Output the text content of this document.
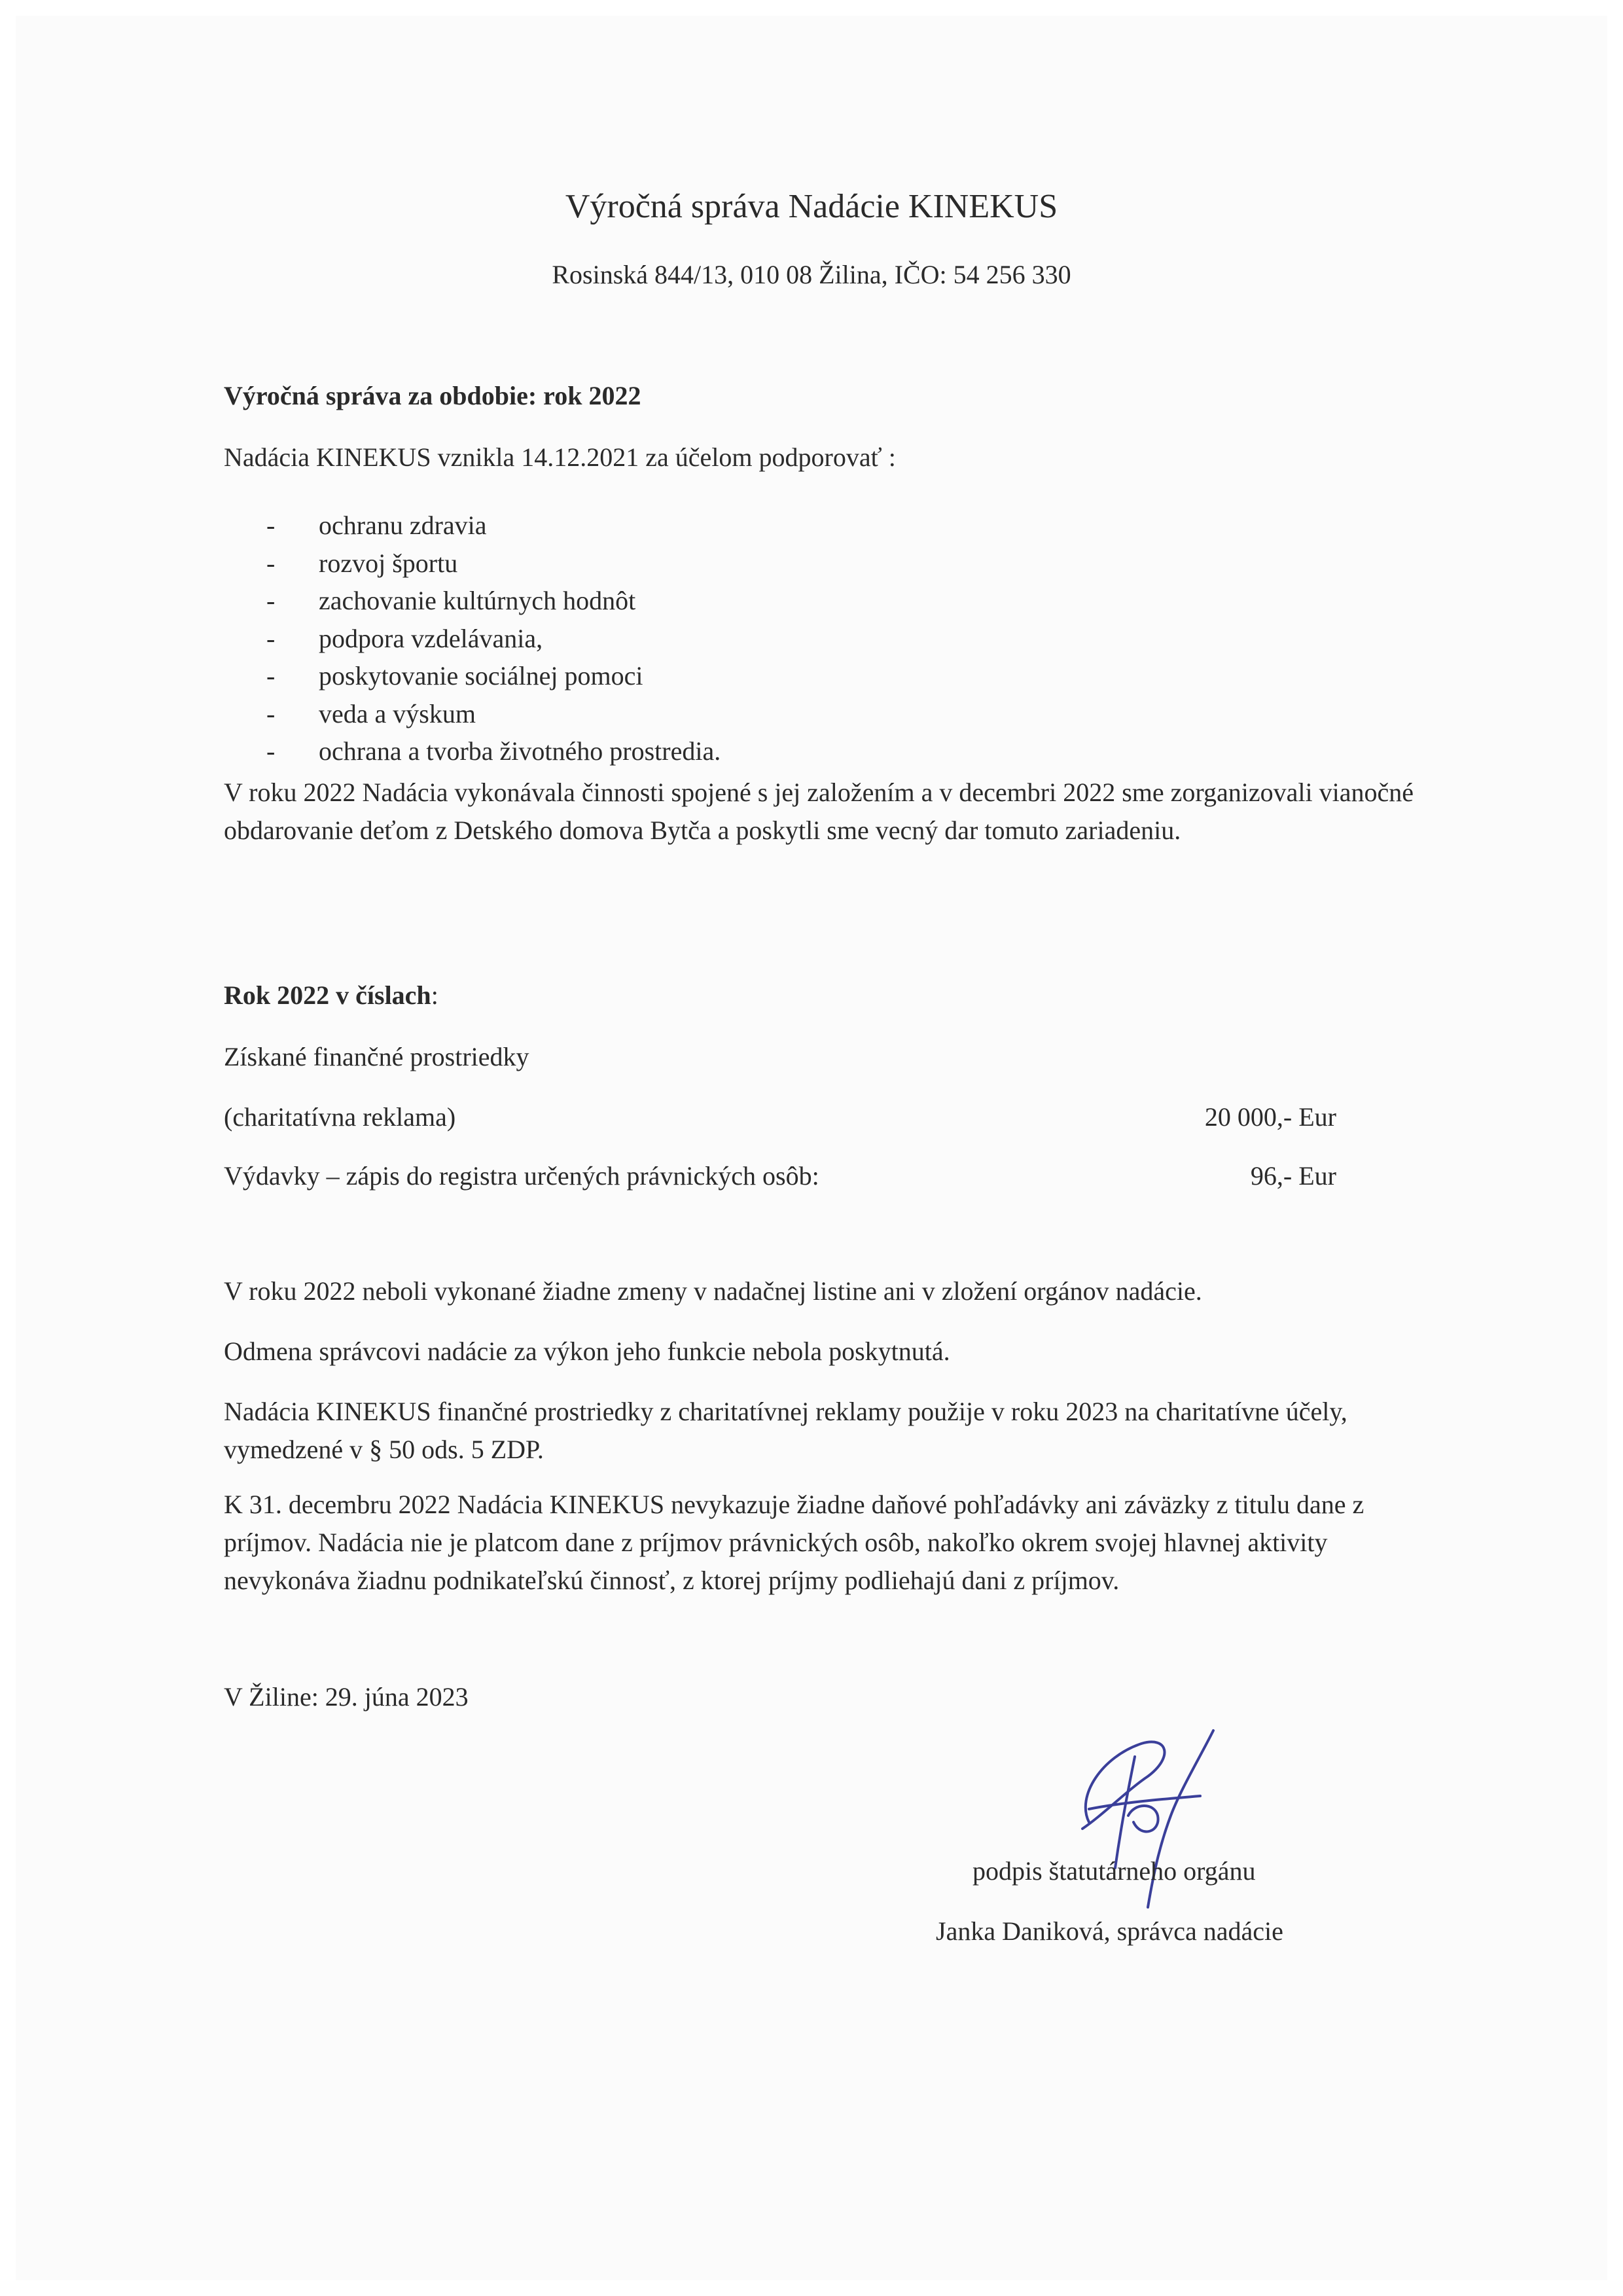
Výročná správa Nadácie KINEKUS
Rosinská 844/13, 010 08 Žilina, IČO: 54 256 330
Výročná správa za obdobie: rok 2022
Nadácia KINEKUS vznikla 14.12.2021 za účelom podporovať :
- ochranu zdravia
- rozvoj športu
- zachovanie kultúrnych hodnôt
- podpora vzdelávania,
- poskytovanie sociálnej pomoci
- veda a výskum
- ochrana a tvorba životného prostredia.
V roku 2022 Nadácia vykonávala činnosti spojené s jej založením a v decembri 2022 sme zorganizovali vianočné obdarovanie deťom z Detského domova Bytča a poskytli sme vecný dar tomuto zariadeniu.
Rok 2022 v číslach:
Získané finančné prostriedky
(charitatívna reklama)	20 000,- Eur
Výdavky – zápis do registra určených právnických osôb:	96,- Eur
V roku 2022 neboli vykonané žiadne zmeny v nadačnej listine ani v zložení orgánov nadácie.
Odmena správcovi nadácie za výkon jeho funkcie nebola poskytnutá.
Nadácia KINEKUS finančné prostriedky z charitatívnej reklamy použije v roku 2023 na charitatívne účely, vymedzené v § 50 ods. 5 ZDP.
K 31. decembru 2022 Nadácia KINEKUS nevykazuje žiadne daňové pohľadávky ani záväzky z titulu dane z príjmov. Nadácia nie je platcom dane z príjmov právnických osôb, nakoľko okrem svojej hlavnej aktivity nevykonáva žiadnu podnikateľskú činnosť, z ktorej príjmy podliehajú dani z príjmov.
V Žiline: 29. júna 2023
podpis štatutárneho orgánu
Janka Daniková, správca nadácie
